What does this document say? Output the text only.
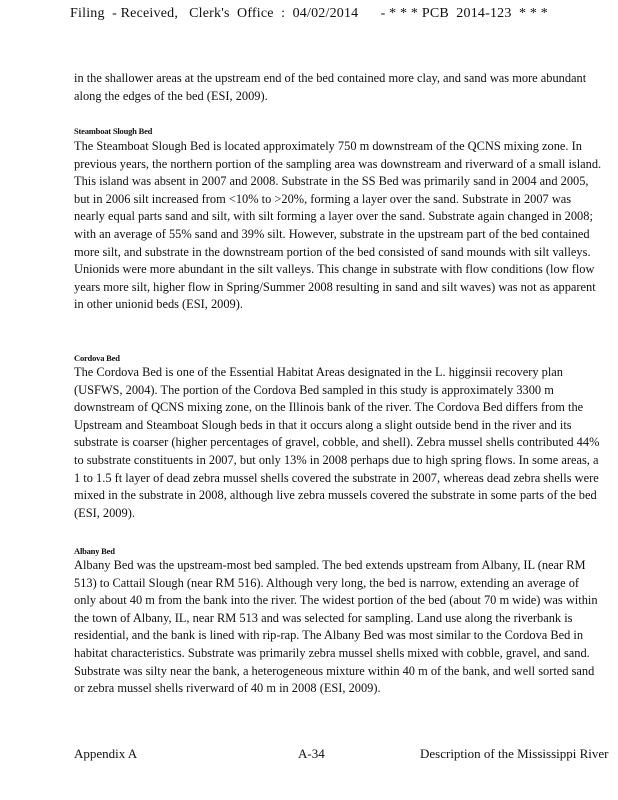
Filing  - Received,   Clerk's  Office  :  04/02/2014      - * * * PCB  2014-123  * * *

in the shallower areas at the upstream end of the bed contained more clay, and sand was more abundant along the edges of the bed (ESI, 2009).

Steamboat Slough Bed

The Steamboat Slough Bed is located approximately 750 m downstream of the QCNS mixing zone. In previous years, the northern portion of the sampling area was downstream and riverward of a small island. This island was absent in 2007 and 2008. Substrate in the SS Bed was primarily sand in 2004 and 2005, but in 2006 silt increased from <10% to >20%, forming a layer over the sand. Substrate in 2007 was nearly equal parts sand and silt, with silt forming a layer over the sand. Substrate again changed in 2008; with an average of 55% sand and 39% silt. However, substrate in the upstream part of the bed contained more silt, and substrate in the downstream portion of the bed consisted of sand mounds with silt valleys. Unionids were more abundant in the silt valleys. This change in substrate with flow conditions (low flow years more silt, higher flow in Spring/Summer 2008 resulting in sand and silt waves) was not as apparent in other unionid beds (ESI, 2009).

Cordova Bed

The Cordova Bed is one of the Essential Habitat Areas designated in the L. higginsii recovery plan (USFWS, 2004). The portion of the Cordova Bed sampled in this study is approximately 3300 m downstream of QCNS mixing zone, on the Illinois bank of the river. The Cordova Bed differs from the Upstream and Steamboat Slough beds in that it occurs along a slight outside bend in the river and its substrate is coarser (higher percentages of gravel, cobble, and shell). Zebra mussel shells contributed 44% to substrate constituents in 2007, but only 13% in 2008 perhaps due to high spring flows. In some areas, a 1 to 1.5 ft layer of dead zebra mussel shells covered the substrate in 2007, whereas dead zebra shells were mixed in the substrate in 2008, although live zebra mussels covered the substrate in some parts of the bed (ESI, 2009).

Albany Bed

Albany Bed was the upstream-most bed sampled. The bed extends upstream from Albany, IL (near RM 513) to Cattail Slough (near RM 516). Although very long, the bed is narrow, extending an average of only about 40 m from the bank into the river. The widest portion of the bed (about 70 m wide) was within the town of Albany, IL, near RM 513 and was selected for sampling. Land use along the riverbank is residential, and the bank is lined with rip-rap. The Albany Bed was most similar to the Cordova Bed in habitat characteristics. Substrate was primarily zebra mussel shells mixed with cobble, gravel, and sand. Substrate was silty near the bank, a heterogeneous mixture within 40 m of the bank, and well sorted sand or zebra mussel shells riverward of 40 m in 2008 (ESI, 2009).

Appendix A	A-34	Description of the Mississippi River
